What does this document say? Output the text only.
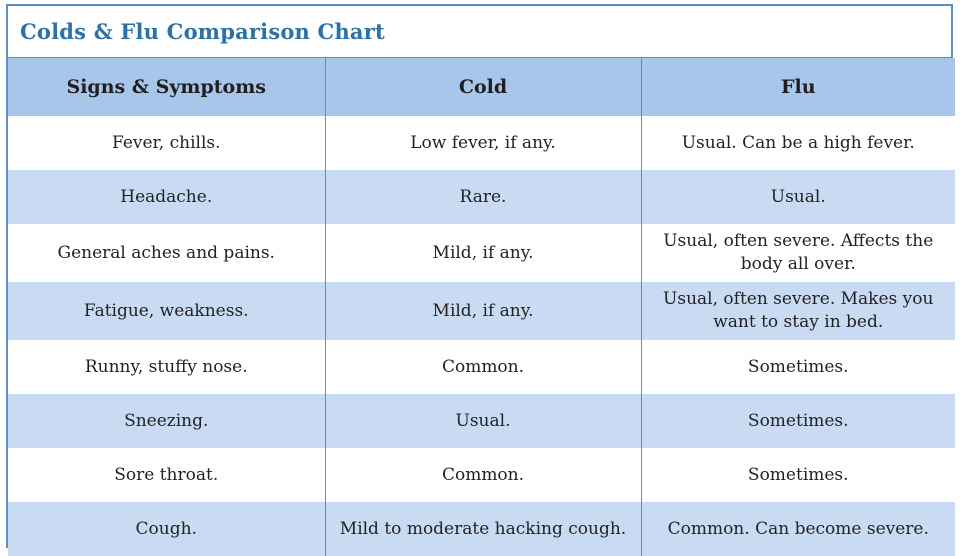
Colds & Flu Comparison Chart
Signs & Symptoms	Cold	Flu
Fever, chills.	Low fever, if any.	Usual. Can be a high fever.
Headache.	Rare.	Usual.
General aches and pains.	Mild, if any.	Usual, often severe. Affects the body all over.
Fatigue, weakness.	Mild, if any.	Usual, often severe. Makes you want to stay in bed.
Runny, stuffy nose.	Common.	Sometimes.
Sneezing.	Usual.	Sometimes.
Sore throat.	Common.	Sometimes.
Cough.	Mild to moderate hacking cough.	Common. Can become severe.
